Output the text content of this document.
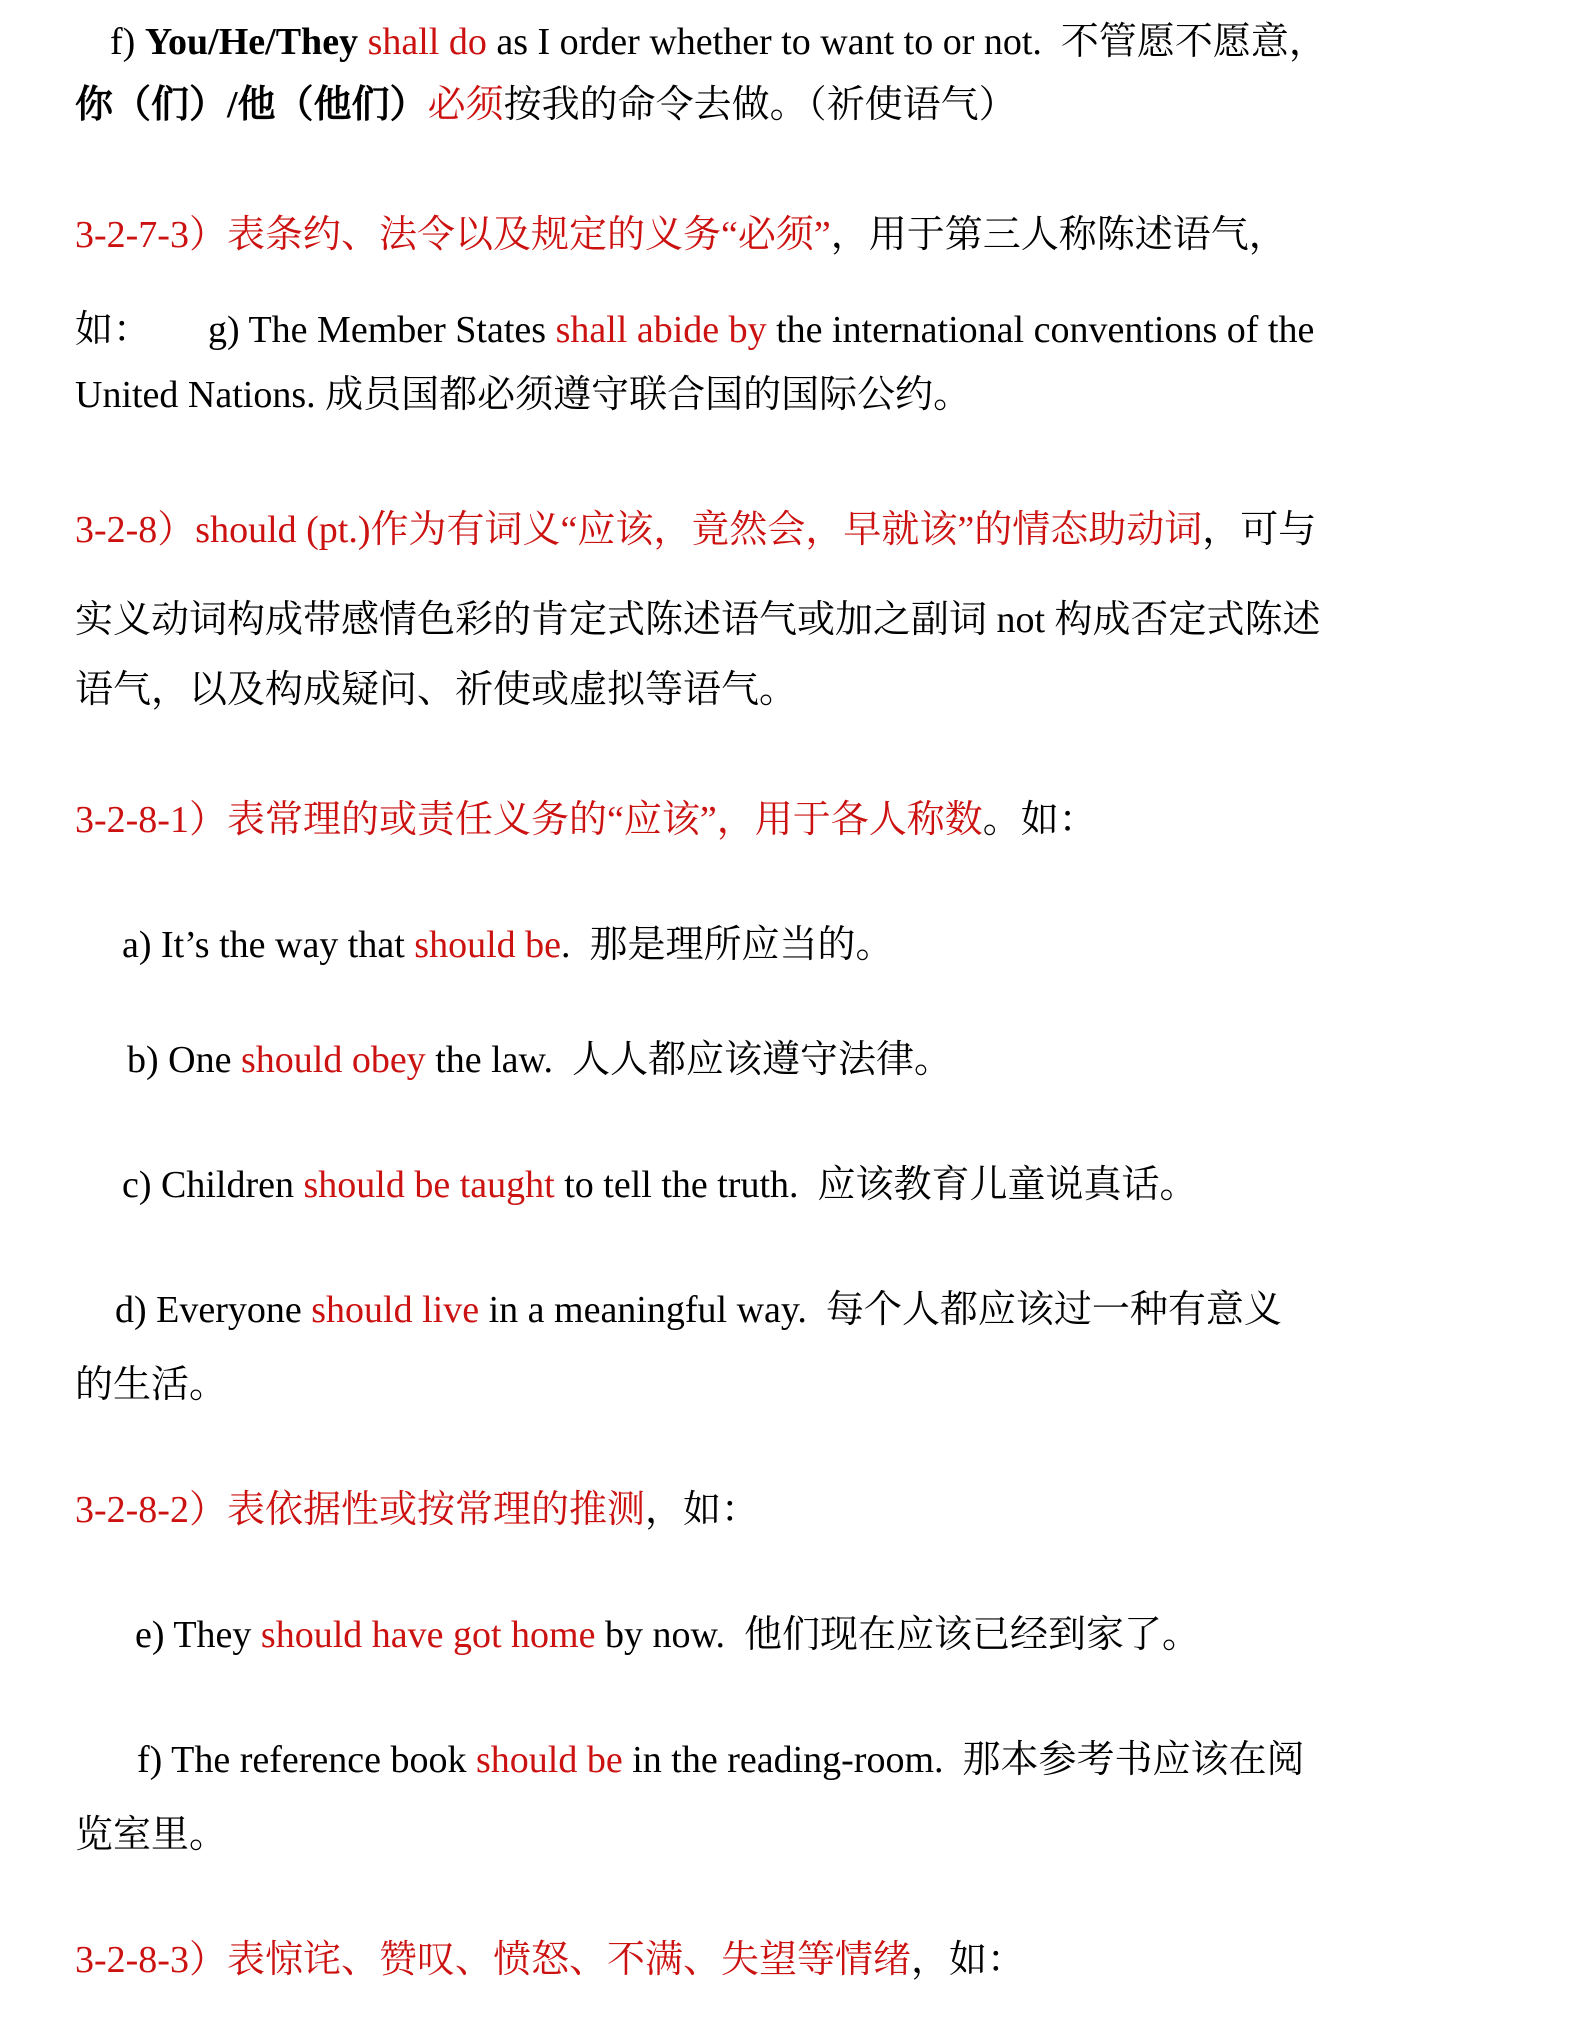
f) You/He/They shall do as I order whether to want to or not.  不管愿不愿意，
你（们）/他（他们）必须按我的命令去做。（祈使语气）
3-2-7-3）表条约、法令以及规定的义务“必须”，用于第三人称陈述语气，
如：      g) The Member States shall abide by the international conventions of the
United Nations. 成员国都必须遵守联合国的国际公约。
3-2-8）should (pt.)作为有词义“应该，竟然会，早就该”的情态助动词，可与
实义动词构成带感情色彩的肯定式陈述语气或加之副词 not 构成否定式陈述
语气，以及构成疑问、祈使或虚拟等语气。
3-2-8-1）表常理的或责任义务的“应该”，用于各人称数。如：
a) It’s the way that should be.  那是理所应当的。
b) One should obey the law.  人人都应该遵守法律。
c) Children should be taught to tell the truth.  应该教育儿童说真话。
d) Everyone should live in a meaningful way.  每个人都应该过一种有意义
的生活。
3-2-8-2）表依据性或按常理的推测，如：
e) They should have got home by now.  他们现在应该已经到家了。
f) The reference book should be in the reading-room.  那本参考书应该在阅
览室里。
3-2-8-3）表惊诧、赞叹、愤怒、不满、失望等情绪，如：
